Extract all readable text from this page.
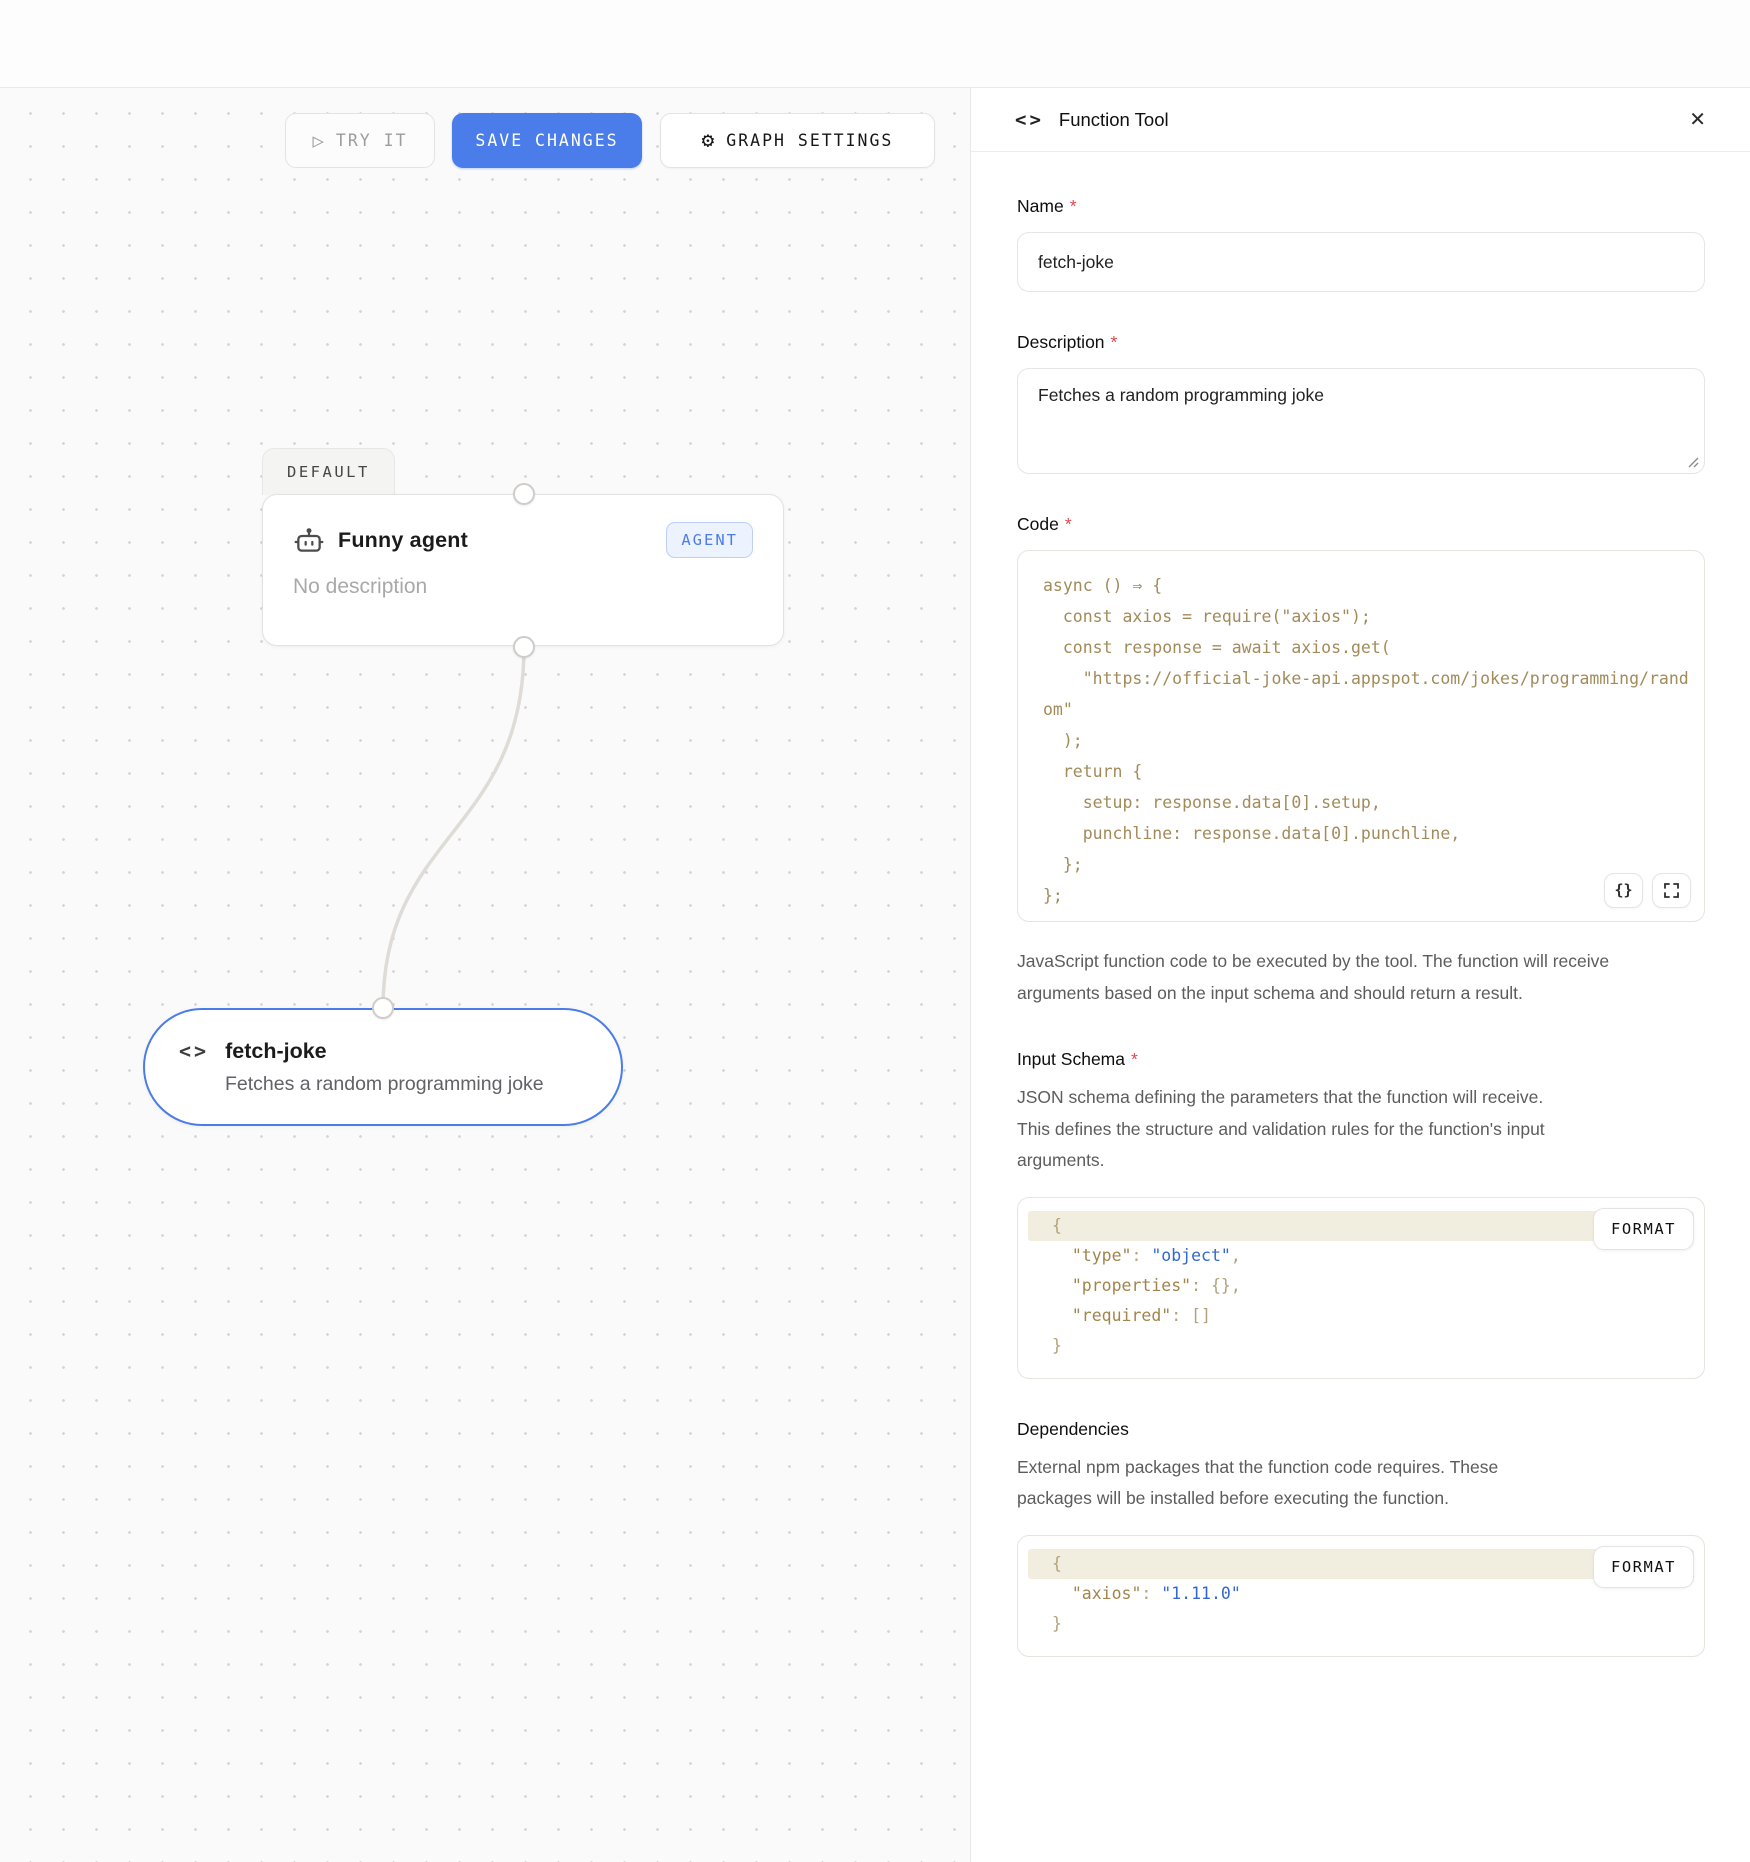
▷ TRY IT	SAVE CHANGES	⚙ GRAPH SETTINGS
DEFAULT
Funny agent	AGENT
No description
<> fetch-joke
Fetches a random programming joke
<> Function Tool	✕
Name *
fetch-joke
Description *
Fetches a random programming joke
Code *
async () ⇒ {
const axios = require("axios");
const response = await axios.get(
"https://official-joke-api.appspot.com/jokes/programming/random"
);
return {
setup: response.data[0].setup,
punchline: response.data[0].punchline,
};
};	{}
JavaScript function code to be executed by the tool. The function will receive arguments based on the input schema and should return a result.
Input Schema *
JSON schema defining the parameters that the function will receive. This defines the structure and validation rules for the function's input arguments.
{
"type": "object",
"properties": {},
"required": []
}
FORMAT
Dependencies
External npm packages that the function code requires. These packages will be installed before executing the function.
{
"axios": "1.11.0"
}
FORMAT
